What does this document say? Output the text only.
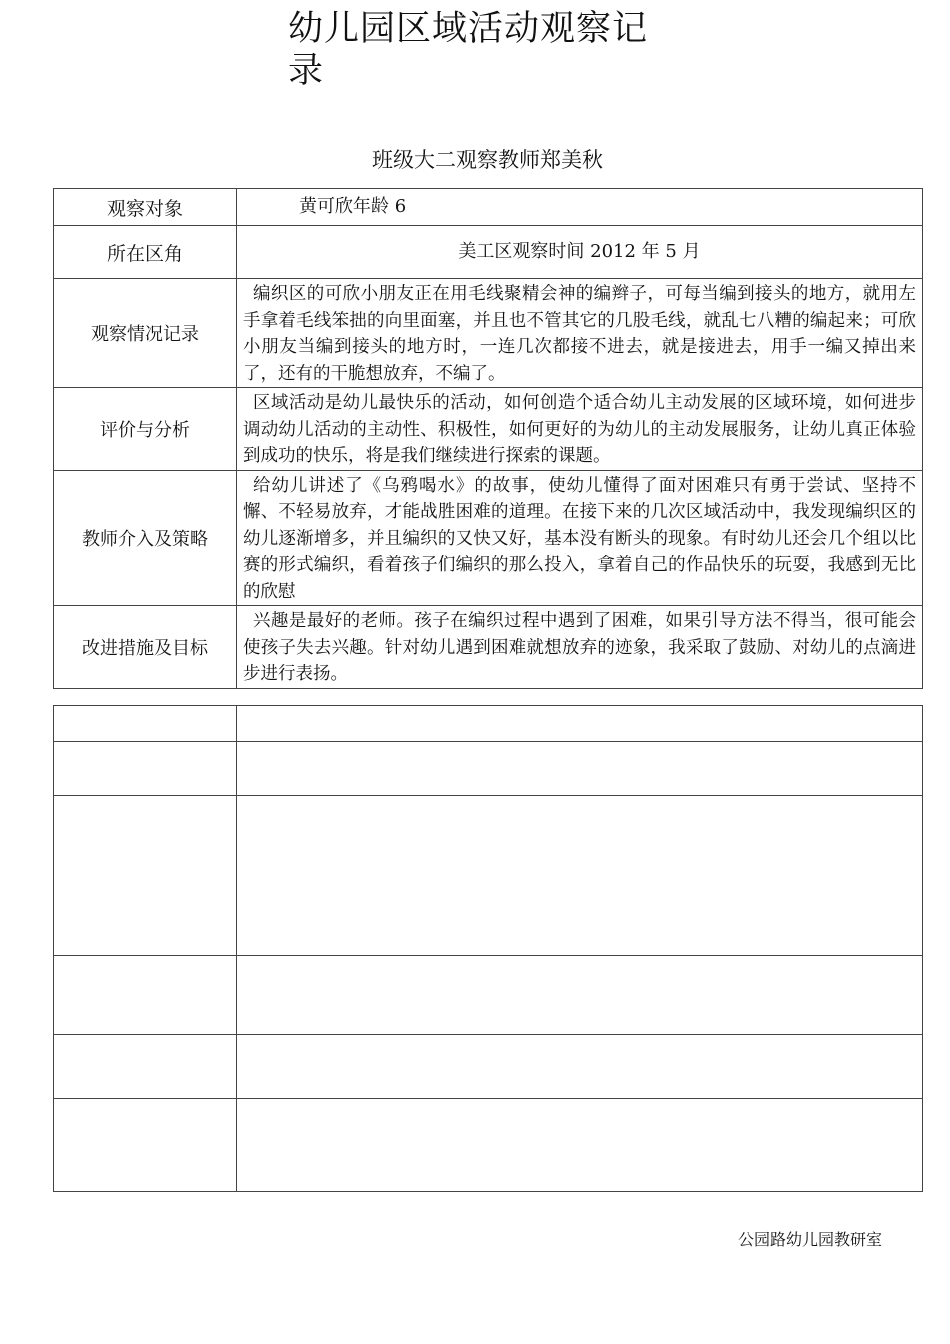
幼儿园区域活动观察记录
班级大二观察教师郑美秋
观察对象	黄可欣年龄 6
所在区角	美工区观察时间 2012 年 5 月
观察情况记录	编织区的可欣小朋友正在用毛线聚精会神的编辫子，可每当编到接头的地方，就用左手拿着毛线笨拙的向里面塞，并且也不管其它的几股毛线，就乱七八糟的编起来；可欣小朋友当编到接头的地方时，一连几次都接不进去，就是接进去，用手一编又掉出来了，还有的干脆想放弃，不编了。
评价与分析	区域活动是幼儿最快乐的活动，如何创造个适合幼儿主动发展的区域环境，如何进步调动幼儿活动的主动性、积极性，如何更好的为幼儿的主动发展服务，让幼儿真正体验到成功的快乐，将是我们继续进行探索的课题。
教师介入及策略	给幼儿讲述了《乌鸦喝水》的故事，使幼儿懂得了面对困难只有勇于尝试、坚持不懈、不轻易放弃，才能战胜困难的道理。在接下来的几次区域活动中，我发现编织区的幼儿逐渐增多，并且编织的又快又好，基本没有断头的现象。有时幼儿还会几个组以比赛的形式编织，看着孩子们编织的那么投入，拿着自己的作品快乐的玩耍，我感到无比的欣慰
改进措施及目标	兴趣是最好的老师。孩子在编织过程中遇到了困难，如果引导方法不得当，很可能会使孩子失去兴趣。针对幼儿遇到困难就想放弃的迹象，我采取了鼓励、对幼儿的点滴进步进行表扬。

公园路幼儿园教研室
